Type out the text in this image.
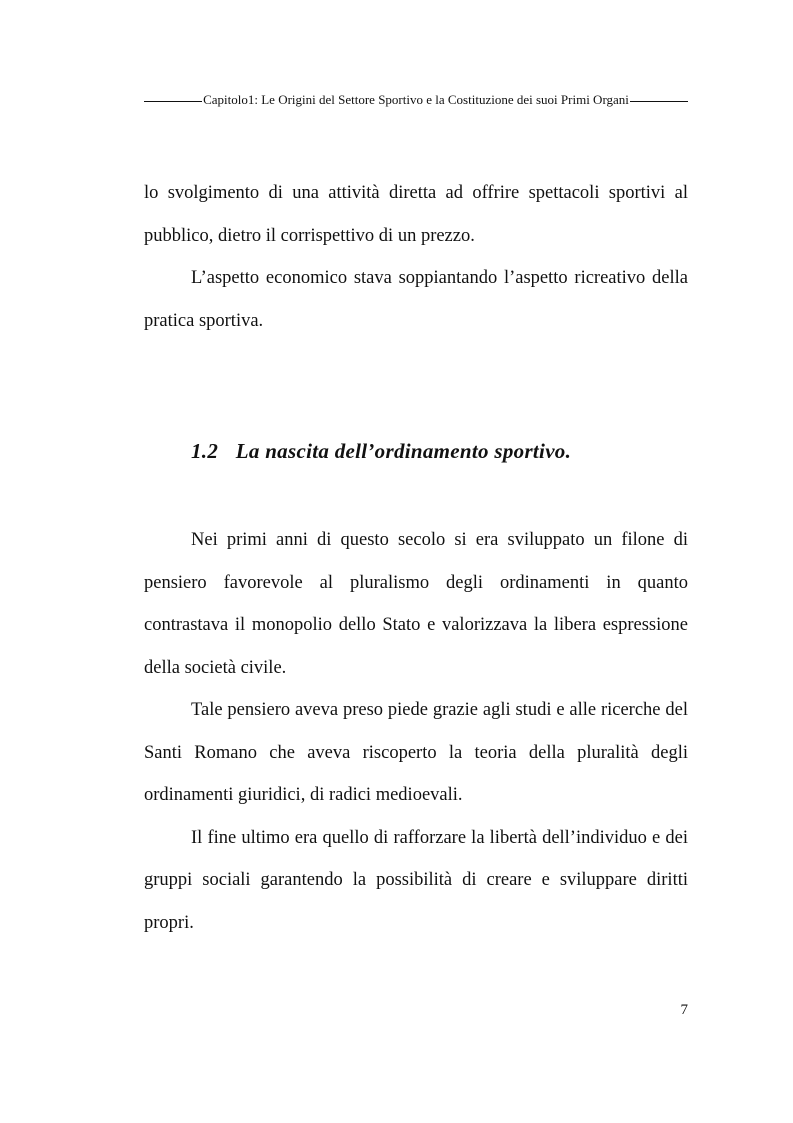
Capitolo1: Le Origini del Settore Sportivo e la Costituzione dei suoi Primi Organi

lo svolgimento di una attività diretta ad offrire spettacoli sportivi al pubblico, dietro il corrispettivo di un prezzo.

L’aspetto economico stava soppiantando l’aspetto ricreativo della pratica sportiva.

1.2 La nascita dell’ordinamento sportivo.

Nei primi anni di questo secolo si era sviluppato un filone di pensiero favorevole al pluralismo degli ordinamenti in quanto contrastava il monopolio dello Stato e valorizzava la libera espressione della società civile.

Tale pensiero aveva preso piede grazie agli studi e alle ricerche del Santi Romano che aveva riscoperto la teoria della pluralità degli ordinamenti giuridici, di radici medioevali.

Il fine ultimo era quello di rafforzare la libertà dell’individuo e dei gruppi sociali garantendo la possibilità di creare e sviluppare diritti propri.

7
